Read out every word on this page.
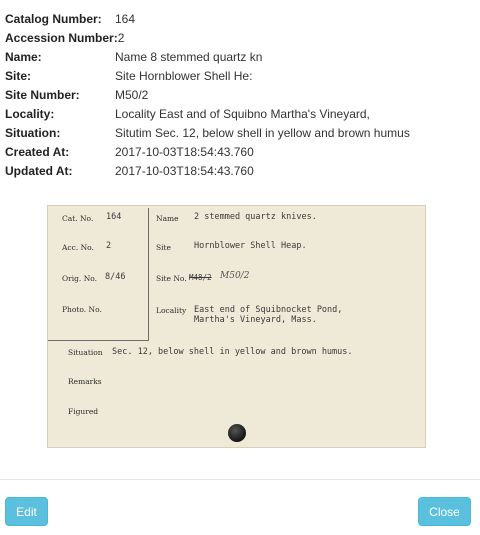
Catalog Number:	164
Accession Number: 2
Name:	Name 8 stemmed quartz kn
Site:	Site Hornblower Shell He:
Site Number:	M50/2
Locality:	Locality East and of Squibno Martha's Vineyard,
Situation:	Situtim Sec. 12, below shell in yellow and brown humus
Created At:	2017-10-03T18:54:43.760
Updated At:	2017-10-03T18:54:43.760
Cat. No. 164
Acc. No. 2
Orig. No. 8/46
Photo. No.
Name 2 stemmed quartz knives.
Site	Hornblower Shell Heap.
Site No. M48/2 M50/2
Locality East end of Squibnocket Pond,
Martha's Vineyard, Mass.
Situation Sec. 12, below shell in yellow and brown humus.
Remarks
Figured
Edit	Close
